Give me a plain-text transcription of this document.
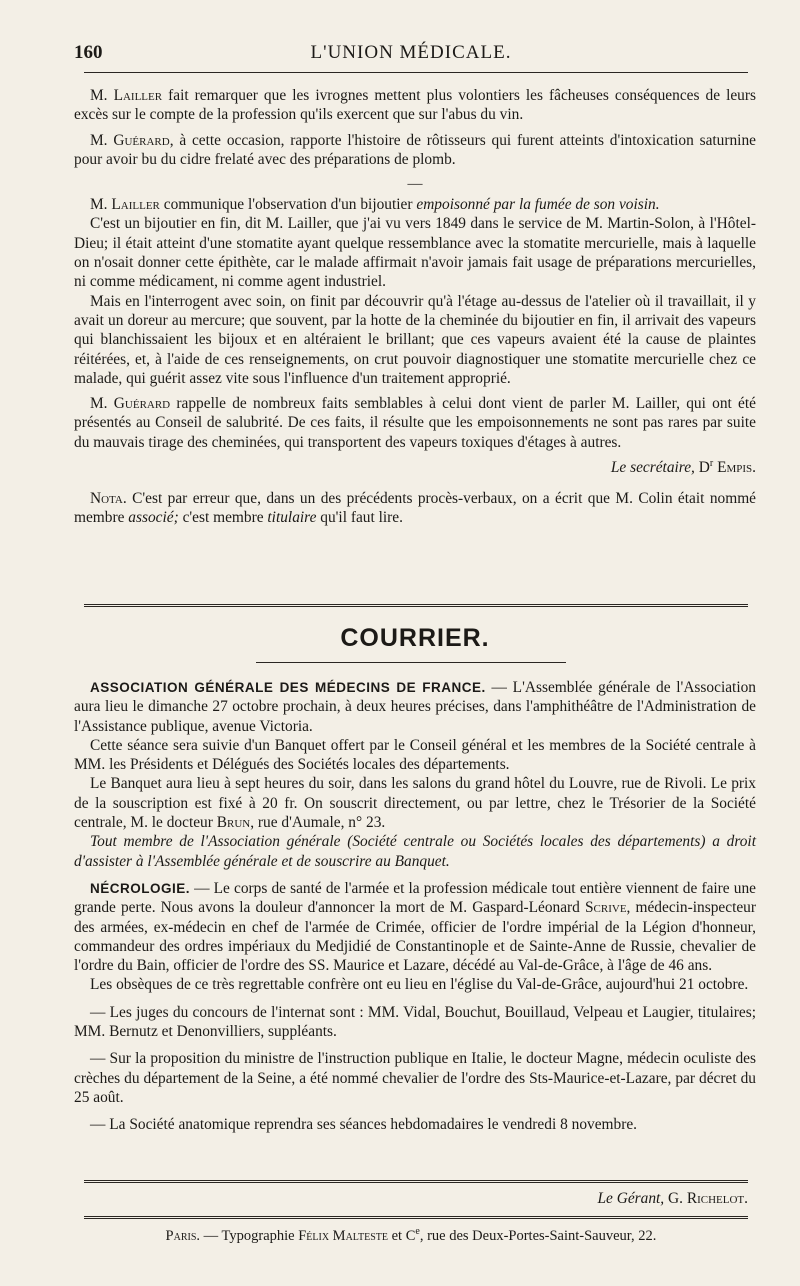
160	L'UNION MÉDICALE.

M. Lailler fait remarquer que les ivrognes mettent plus volontiers les fâcheuses conséquences de leurs excès sur le compte de la profession qu'ils exercent que sur l'abus du vin.

M. Guérard, à cette occasion, rapporte l'histoire de rôtisseurs qui furent atteints d'intoxication saturnine pour avoir bu du cidre frelaté avec des préparations de plomb.

—

M. Lailler communique l'observation d'un bijoutier empoisonné par la fumée de son voisin.

C'est un bijoutier en fin, dit M. Lailler, que j'ai vu vers 1849 dans le service de M. Martin-Solon, à l'Hôtel-Dieu; il était atteint d'une stomatite ayant quelque ressemblance avec la stomatite mercurielle, mais à laquelle on n'osait donner cette épithète, car le malade affirmait n'avoir jamais fait usage de préparations mercurielles, ni comme médicament, ni comme agent industriel.

Mais en l'interrogent avec soin, on finit par découvrir qu'à l'étage au-dessus de l'atelier où il travaillait, il y avait un doreur au mercure; que souvent, par la hotte de la cheminée du bijoutier en fin, il arrivait des vapeurs qui blanchissaient les bijoux et en altéraient le brillant; que ces vapeurs avaient été la cause de plaintes réitérées, et, à l'aide de ces renseignements, on crut pouvoir diagnostiquer une stomatite mercurielle chez ce malade, qui guérit assez vite sous l'influence d'un traitement approprié.

M. Guérard rappelle de nombreux faits semblables à celui dont vient de parler M. Lailler, qui ont été présentés au Conseil de salubrité. De ces faits, il résulte que les empoisonnements ne sont pas rares par suite du mauvais tirage des cheminées, qui transportent des vapeurs toxiques d'étages à autres.

Le secrétaire, $D^r$ Empis.

Nota. C'est par erreur que, dans un des précédents procès-verbaux, on a écrit que M. Colin était nommé membre associé; c'est membre titulaire qu'il faut lire.

COURRIER.

ASSOCIATION GÉNÉRALE DES MÉDECINS DE FRANCE. — L'Assemblée générale de l'Association aura lieu le dimanche 27 octobre prochain, à deux heures précises, dans l'amphithéâtre de l'Administration de l'Assistance publique, avenue Victoria.

Cette séance sera suivie d'un Banquet offert par le Conseil général et les membres de la Société centrale à MM. les Présidents et Délégués des Sociétés locales des départements.

Le Banquet aura lieu à sept heures du soir, dans les salons du grand hôtel du Louvre, rue de Rivoli. Le prix de la souscription est fixé à 20 fr. On souscrit directement, ou par lettre, chez le Trésorier de la Société centrale, M. le docteur Brun, rue d'Aumale, n° 23.

Tout membre de l'Association générale (Société centrale ou Sociétés locales des départements) a droit d'assister à l'Assemblée générale et de souscrire au Banquet.

NÉCROLOGIE. — Le corps de santé de l'armée et la profession médicale tout entière viennent de faire une grande perte. Nous avons la douleur d'annoncer la mort de M. Gaspard-Léonard Scrive, médecin-inspecteur des armées, ex-médecin en chef de l'armée de Crimée, officier de l'ordre impérial de la Légion d'honneur, commandeur des ordres impériaux du Medjidié de Constantinople et de Sainte-Anne de Russie, chevalier de l'ordre du Bain, officier de l'ordre des SS. Maurice et Lazare, décédé au Val-de-Grâce, à l'âge de 46 ans.

Les obsèques de ce très regrettable confrère ont eu lieu en l'église du Val-de-Grâce, aujourd'hui 21 octobre.

— Les juges du concours de l'internat sont : MM. Vidal, Bouchut, Bouillaud, Velpeau et Laugier, titulaires; MM. Bernutz et Denonvilliers, suppléants.

— Sur la proposition du ministre de l'instruction publique en Italie, le docteur Magne, médecin oculiste des crèches du département de la Seine, a été nommé chevalier de l'ordre des Sts-Maurice-et-Lazare, par décret du 25 août.

— La Société anatomique reprendra ses séances hebdomadaires le vendredi 8 novembre.

Le Gérant, G. Richelot.
Paris. — Typographie Félix Malteste et Ce, rue des Deux-Portes-Saint-Sauveur, 22.
